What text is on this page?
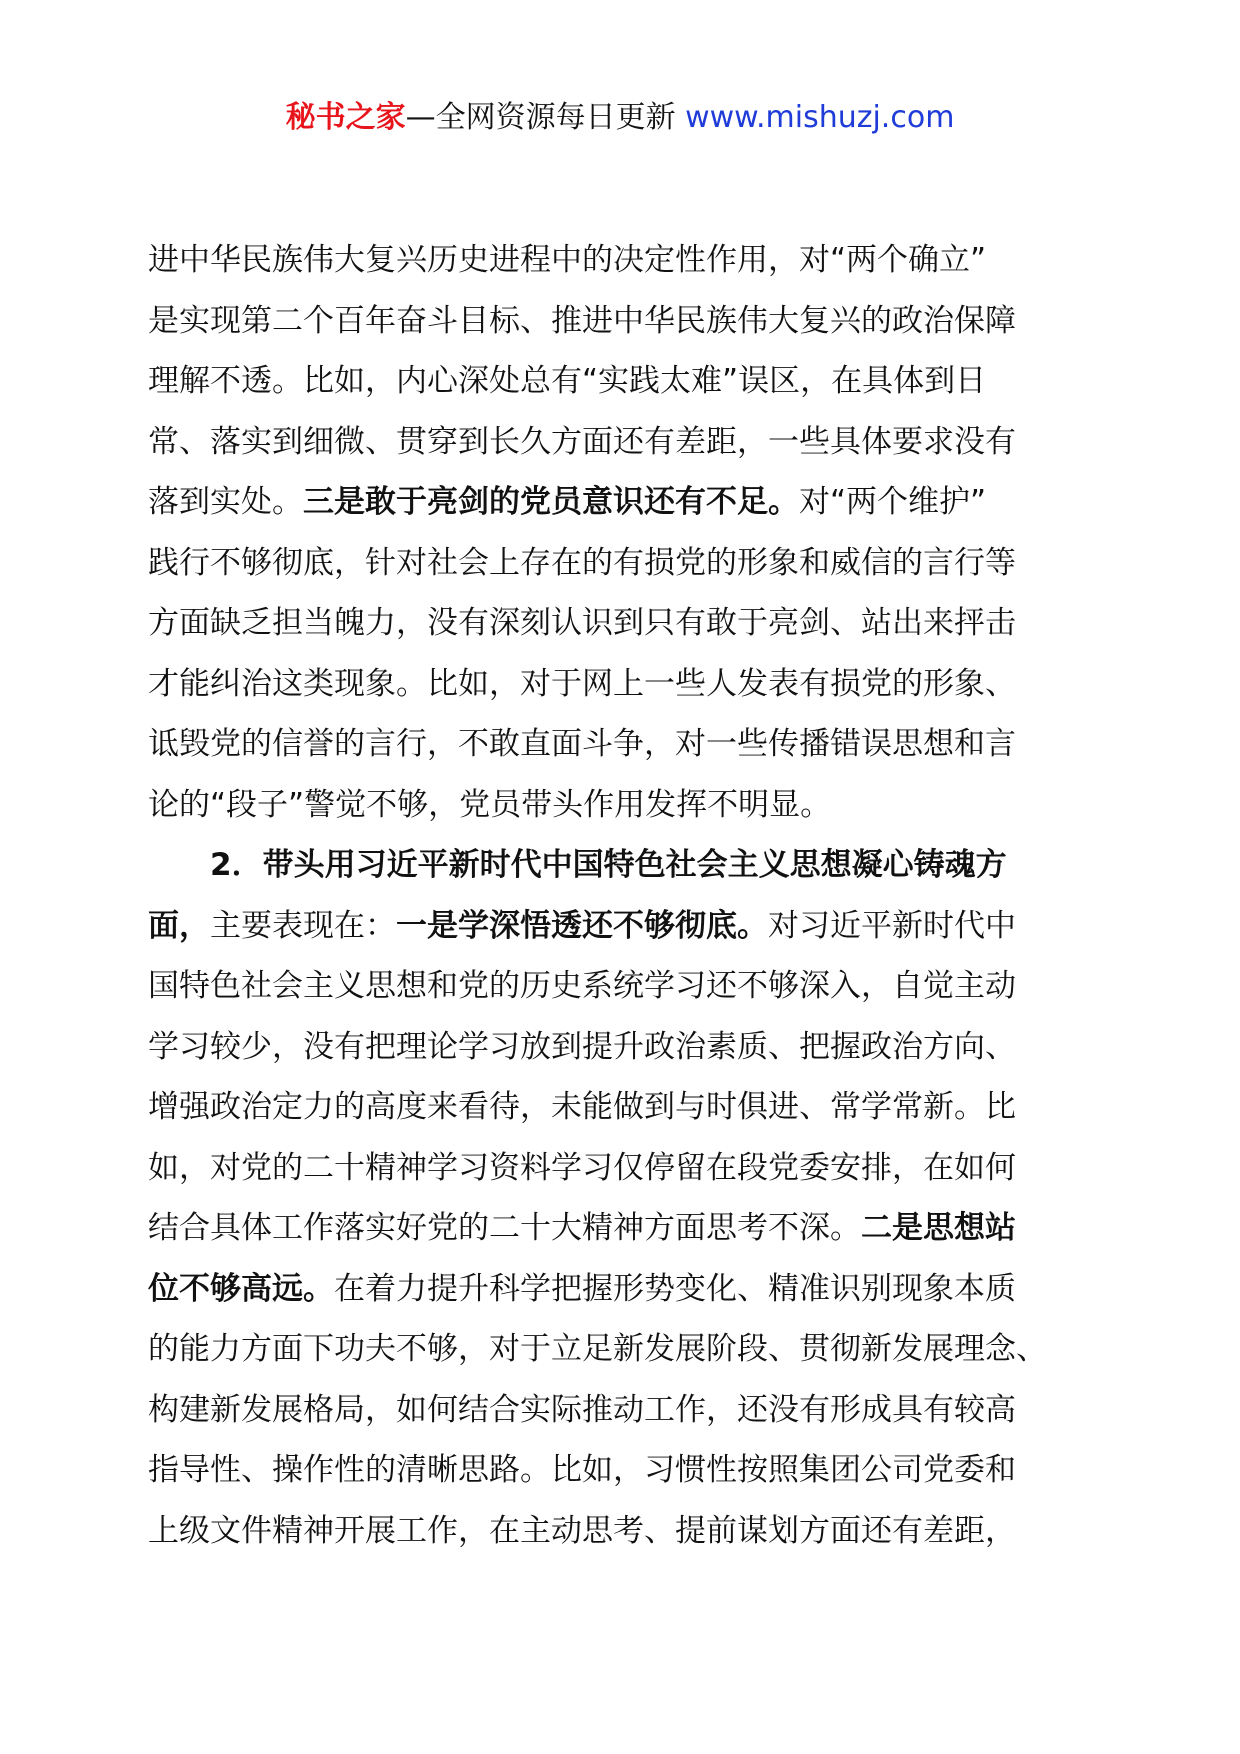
秘书之家—全网资源每日更新 www.mishuzj.com
进中华民族伟大复兴历史进程中的决定性作用，对“两个确立”
是实现第二个百年奋斗目标、推进中华民族伟大复兴的政治保障
理解不透。比如，内心深处总有“实践太难”误区，在具体到日
常、落实到细微、贯穿到长久方面还有差距，一些具体要求没有
落到实处。三是敢于亮剑的党员意识还有不足。对“两个维护”
践行不够彻底，针对社会上存在的有损党的形象和威信的言行等
方面缺乏担当魄力，没有深刻认识到只有敢于亮剑、站出来抨击
才能纠治这类现象。比如，对于网上一些人发表有损党的形象、
诋毁党的信誉的言行，不敢直面斗争，对一些传播错误思想和言
论的“段子”警觉不够，党员带头作用发挥不明显。
2．带头用习近平新时代中国特色社会主义思想凝心铸魂方
面，主要表现在：一是学深悟透还不够彻底。对习近平新时代中
国特色社会主义思想和党的历史系统学习还不够深入，自觉主动
学习较少，没有把理论学习放到提升政治素质、把握政治方向、
增强政治定力的高度来看待，未能做到与时俱进、常学常新。比
如，对党的二十精神学习资料学习仅停留在段党委安排，在如何
结合具体工作落实好党的二十大精神方面思考不深。二是思想站
位不够高远。在着力提升科学把握形势变化、精准识别现象本质
的能力方面下功夫不够，对于立足新发展阶段、贯彻新发展理念、
构建新发展格局，如何结合实际推动工作，还没有形成具有较高
指导性、操作性的清晰思路。比如，习惯性按照集团公司党委和
上级文件精神开展工作，在主动思考、提前谋划方面还有差距，
